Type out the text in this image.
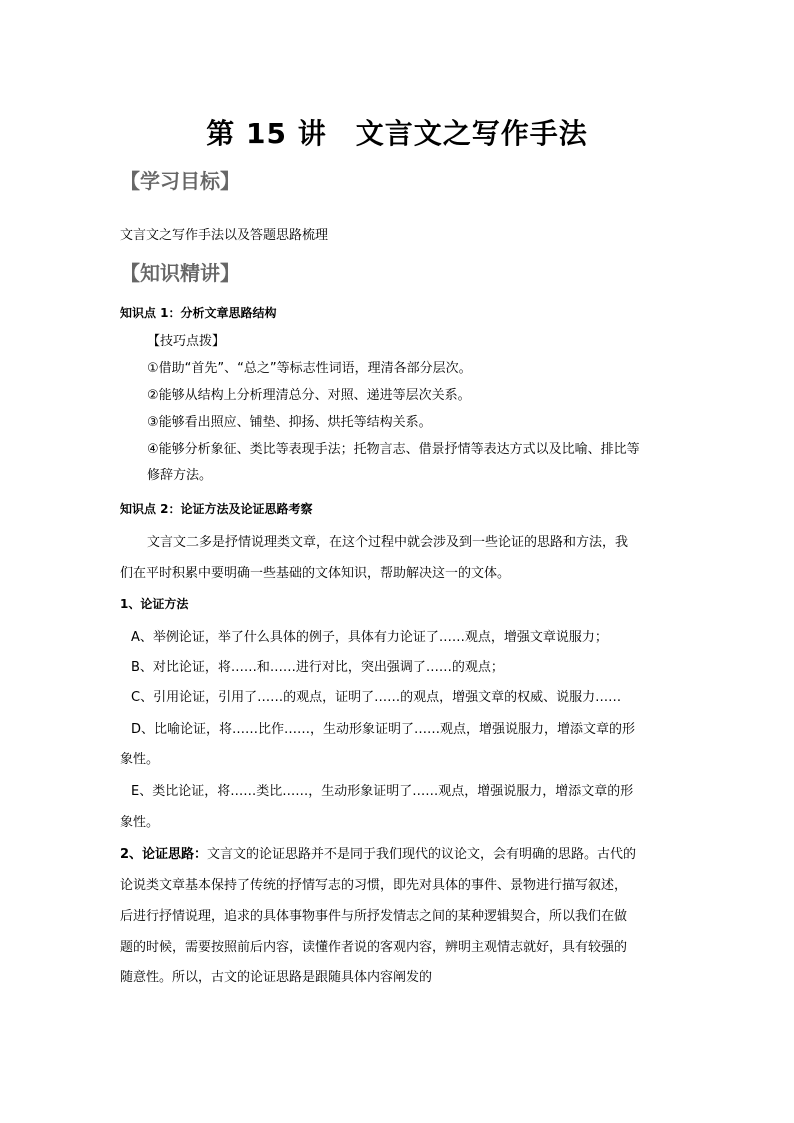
第 15 讲　文言文之写作手法
【学习目标】
文言文之写作手法以及答题思路梳理
【知识精讲】
知识点 1：分析文章思路结构
【技巧点拨】
①借助“首先”、“总之”等标志性词语，理清各部分层次。
②能够从结构上分析理清总分、对照、递进等层次关系。
③能够看出照应、铺垫、抑扬、烘托等结构关系。
④能够分析象征、类比等表现手法；托物言志、借景抒情等表达方式以及比喻、排比等
修辞方法。
知识点 2：论证方法及论证思路考察
文言文二多是抒情说理类文章，在这个过程中就会涉及到一些论证的思路和方法，我
们在平时积累中要明确一些基础的文体知识，帮助解决这一的文体。
1、论证方法
A、举例论证，举了什么具体的例子，具体有力论证了……观点，增强文章说服力；
B、对比论证，将……和……进行对比，突出强调了……的观点；
C、引用论证，引用了……的观点，证明了……的观点，增强文章的权威、说服力……
D、比喻论证，将……比作……，生动形象证明了……观点，增强说服力，增添文章的形
象性。
E、类比论证，将……类比……，生动形象证明了……观点，增强说服力，增添文章的形
象性。
2、论证思路：文言文的论证思路并不是同于我们现代的议论文，会有明确的思路。古代的
论说类文章基本保持了传统的抒情写志的习惯，即先对具体的事件、景物进行描写叙述，
后进行抒情说理，追求的具体事物事件与所抒发情志之间的某种逻辑契合，所以我们在做
题的时候，需要按照前后内容，读懂作者说的客观内容，辨明主观情志就好，具有较强的
随意性。所以，古文的论证思路是跟随具体内容阐发的
